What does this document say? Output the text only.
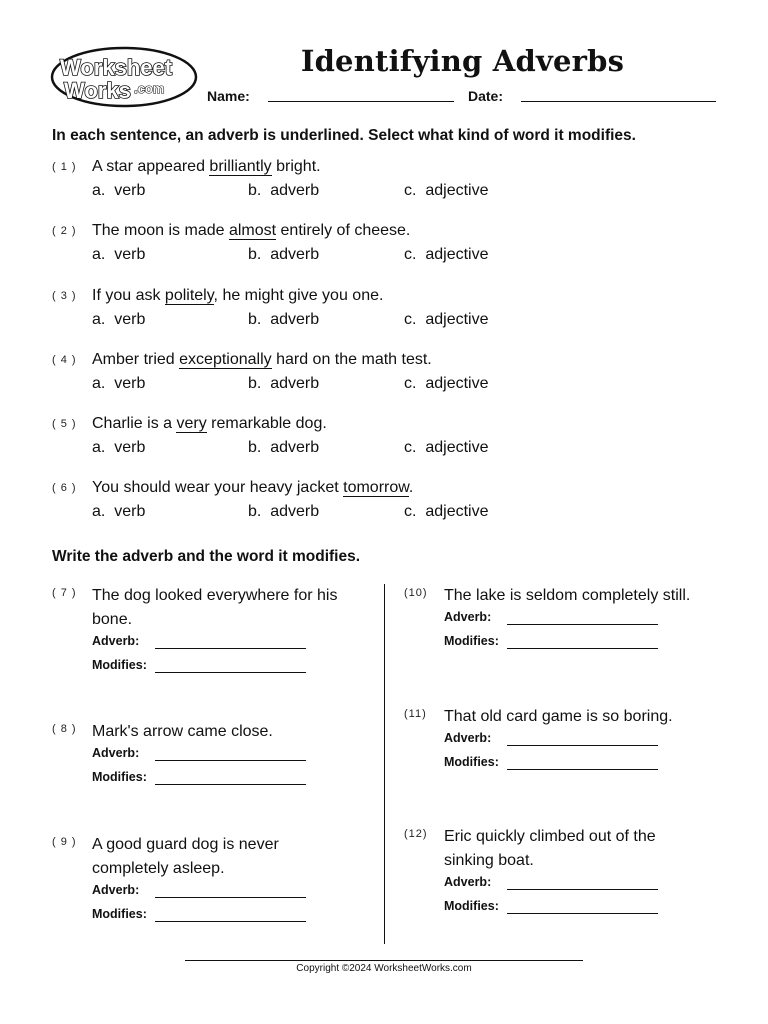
Worksheet
Works .com
Identifying Adverbs
Name:	Date:
In each sentence, an adverb is underlined. Select what kind of word it modifies.
( 1 ) A star appeared brilliantly bright.
a.  verb	b.  adverb	c.  adjective
( 2 ) The moon is made almost entirely of cheese.
a.  verb	b.  adverb	c.  adjective
( 3 ) If you ask politely, he might give you one.
a.  verb	b.  adverb	c.  adjective
( 4 ) Amber tried exceptionally hard on the math test.
a.  verb	b.  adverb	c.  adjective
( 5 ) Charlie is a very remarkable dog.
a.  verb	b.  adverb	c.  adjective
( 6 ) You should wear your heavy jacket tomorrow.
a.  verb	b.  adverb	c.  adjective
Write the adverb and the word it modifies.
( 7 ) The dog looked everywhere for his
bone.
Adverb:
Modifies:
( 8 ) Mark's arrow came close.
Adverb:
Modifies:
( 9 ) A good guard dog is never
completely asleep.
Adverb:
Modifies:
(10) The lake is seldom completely still.
Adverb:
Modifies:
(11) That old card game is so boring.
Adverb:
Modifies:
(12) Eric quickly climbed out of the
sinking boat.
Adverb:
Modifies:
Copyright ©2024 WorksheetWorks.com
